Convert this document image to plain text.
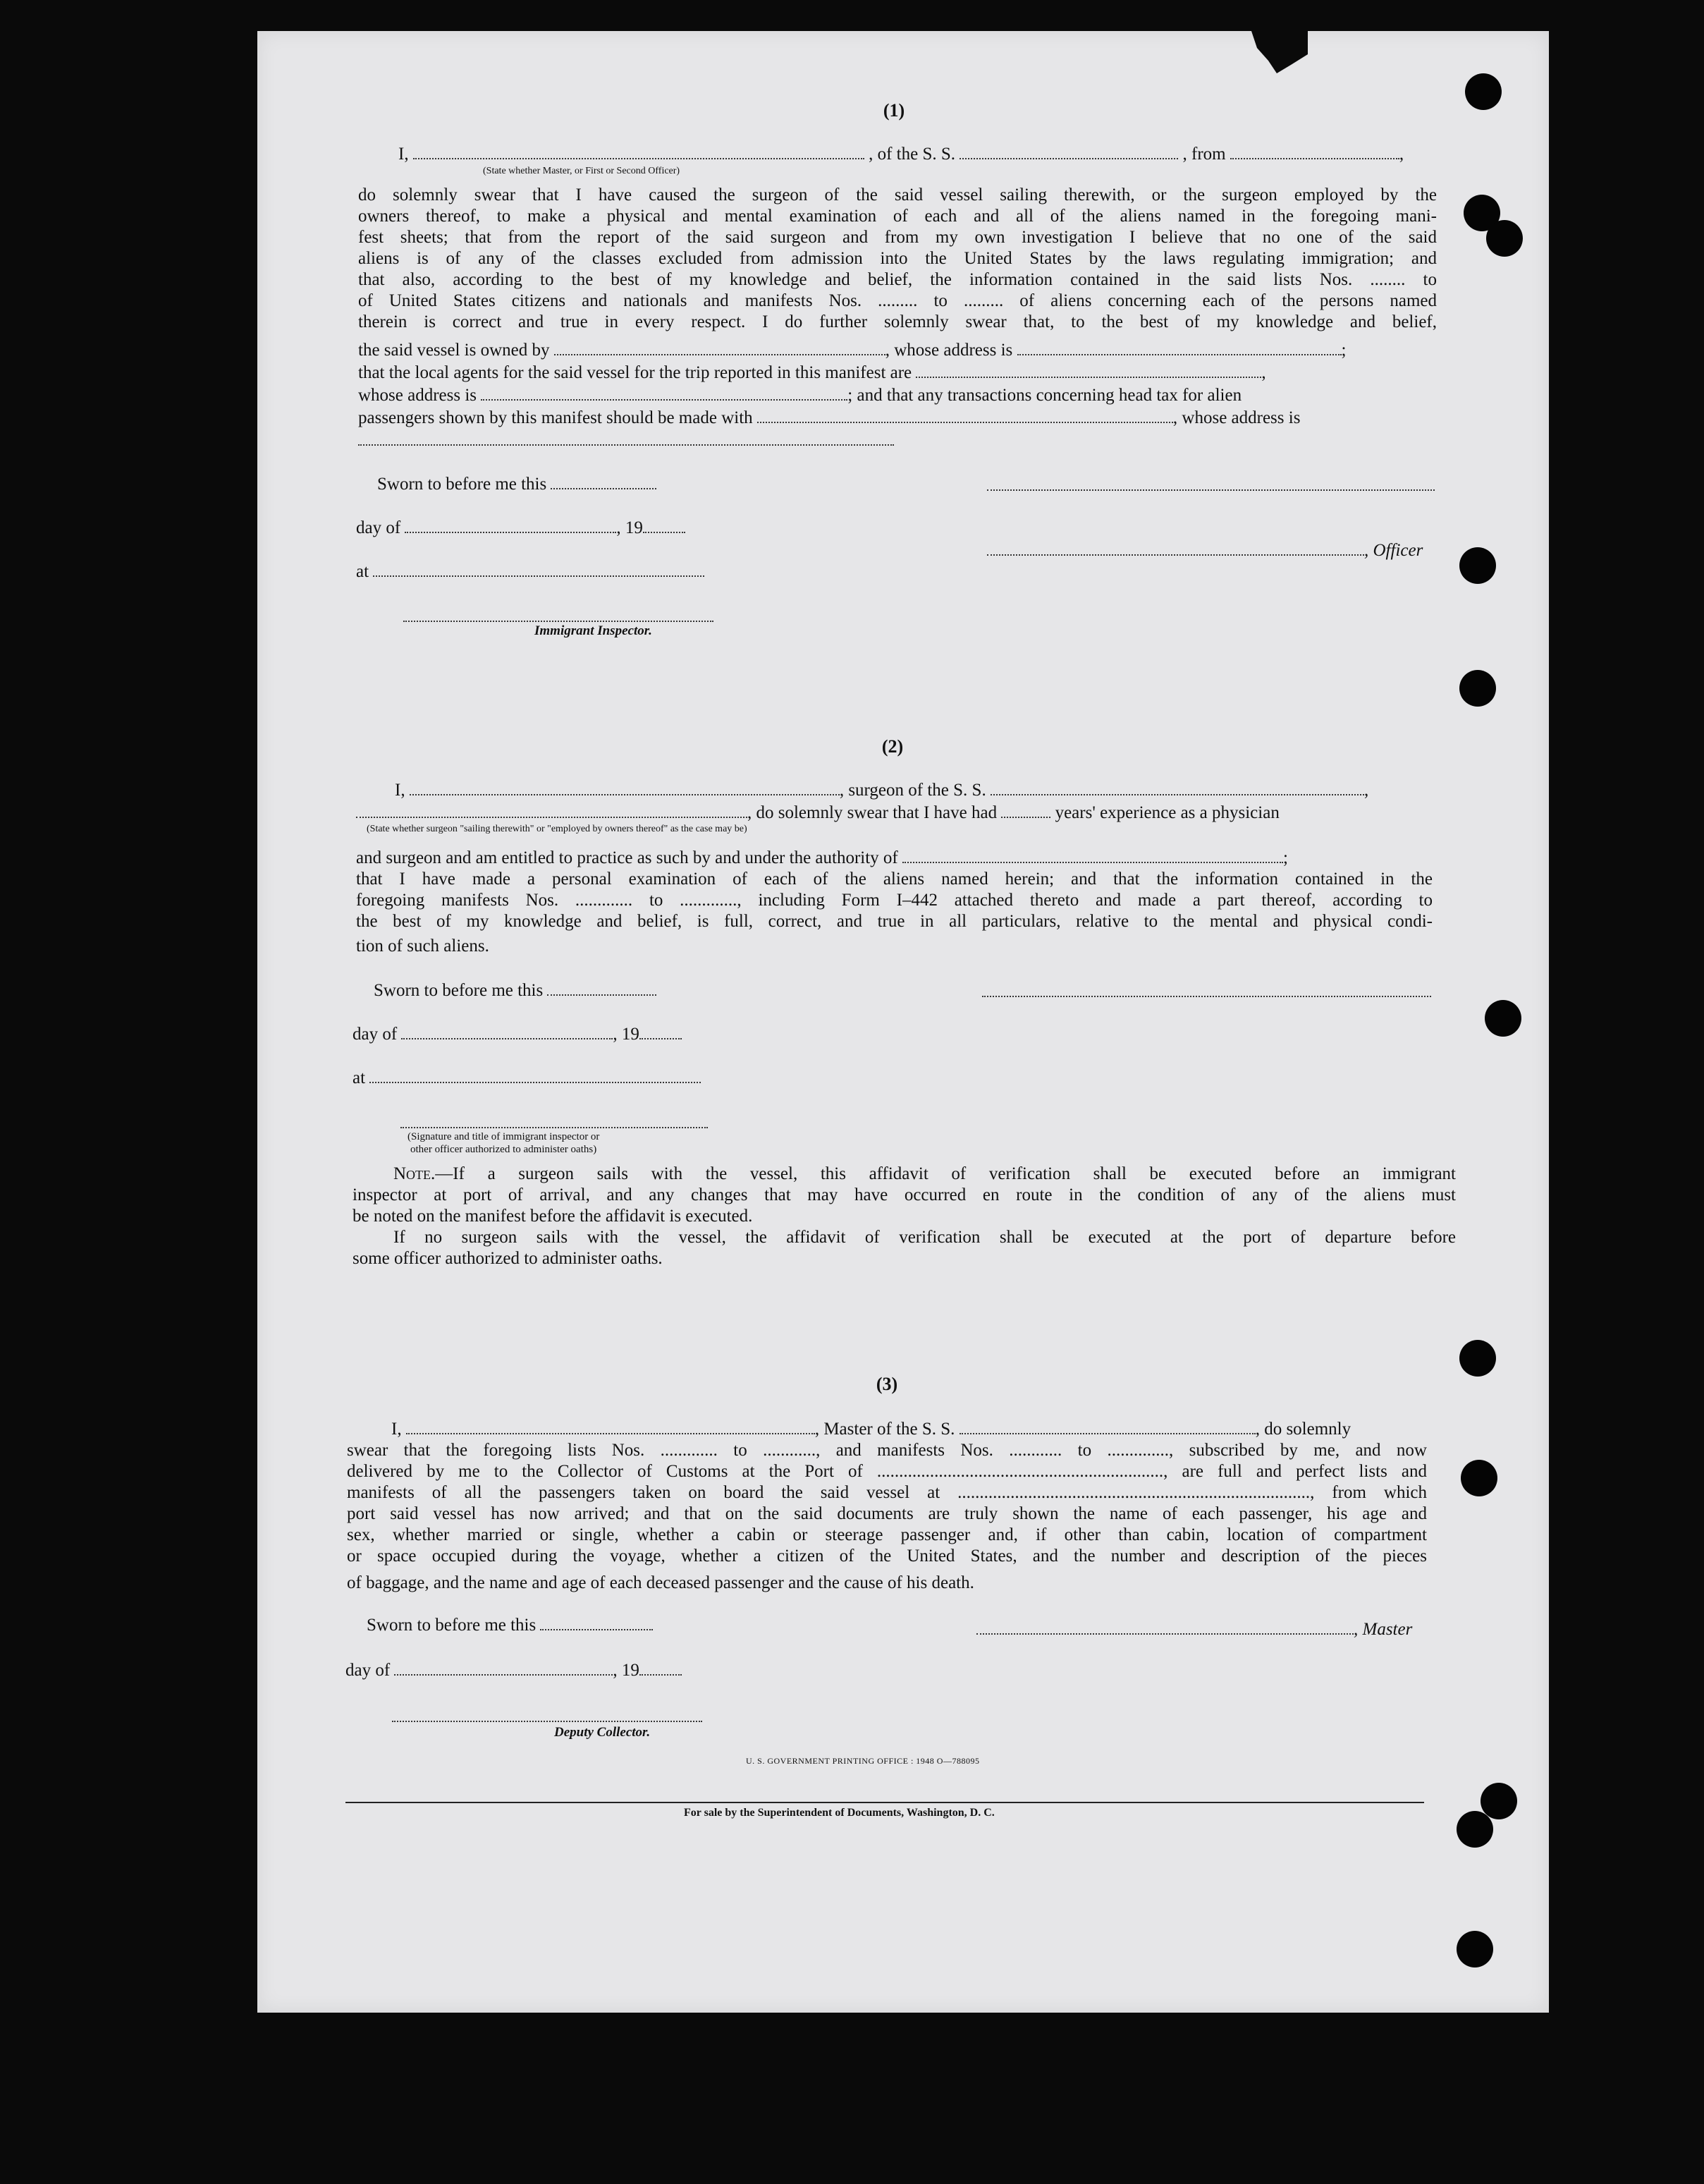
(1)
I,	, of the S. S.	, from	,
(State whether Master, or First or Second Officer)
do solemnly swear that I have caused the surgeon of the said vessel sailing therewith, or the surgeon employed by the
owners thereof, to make a physical and mental examination of each and all of the aliens named in the foregoing mani-
fest sheets; that from the report of the said surgeon and from my own investigation I believe that no one of the said
aliens is of any of the classes excluded from admission into the United States by the laws regulating immigration; and
that also, according to the best of my knowledge and belief, the information contained in the said lists Nos. ........ to
of United States citizens and nationals and manifests Nos. ......... to ......... of aliens concerning each of the persons named
therein is correct and true in every respect. I do further solemnly swear that, to the best of my knowledge and belief,
the said vessel is owned by	, whose address is	;
that the local agents for the said vessel for the trip reported in this manifest are	,
whose address is	; and that any transactions concerning head tax for alien
passengers shown by this manifest should be made with	, whose address is
Sworn to before me this
day of	, 19
at
, Officer
Immigrant Inspector.
(2)
I,	, surgeon of the S. S.	,
, do solemnly swear that I have had	years' experience as a physician
(State whether surgeon "sailing therewith" or "employed by owners thereof" as the case may be)
and surgeon and am entitled to practice as such by and under the authority of	;
that I have made a personal examination of each of the aliens named herein; and that the information contained in the
foregoing manifests Nos. ............. to ............., including Form I–442 attached thereto and made a part thereof, according to
the best of my knowledge and belief, is full, correct, and true in all particulars, relative to the mental and physical condi-
tion of such aliens.
Sworn to before me this
day of	, 19
at
(Signature and title of immigrant inspector or
other officer authorized to administer oaths)
Note.—If a surgeon sails with the vessel, this affidavit of verification shall be executed before an immigrant
inspector at port of arrival, and any changes that may have occurred en route in the condition of any of the aliens must
be noted on the manifest before the affidavit is executed.
If no surgeon sails with the vessel, the affidavit of verification shall be executed at the port of departure before
some officer authorized to administer oaths.
(3)
I,	, Master of the S. S.	, do solemnly
swear that the foregoing lists Nos. ............. to ............, and manifests Nos. ............ to .............., subscribed by me, and now
delivered by me to the Collector of Customs at the Port of ................................................................., are full and perfect lists and
manifests of all the passengers taken on board the said vessel at ................................................................................, from which
port said vessel has now arrived; and that on the said documents are truly shown the name of each passenger, his age and
sex, whether married or single, whether a cabin or steerage passenger and, if other than cabin, location of compartment
or space occupied during the voyage, whether a citizen of the United States, and the number and description of the pieces
of baggage, and the name and age of each deceased passenger and the cause of his death.
Sworn to before me this	, Master
day of	, 19
Deputy Collector.
U. S. GOVERNMENT PRINTING OFFICE : 1948 O—788095
For sale by the Superintendent of Documents, Washington, D. C.
